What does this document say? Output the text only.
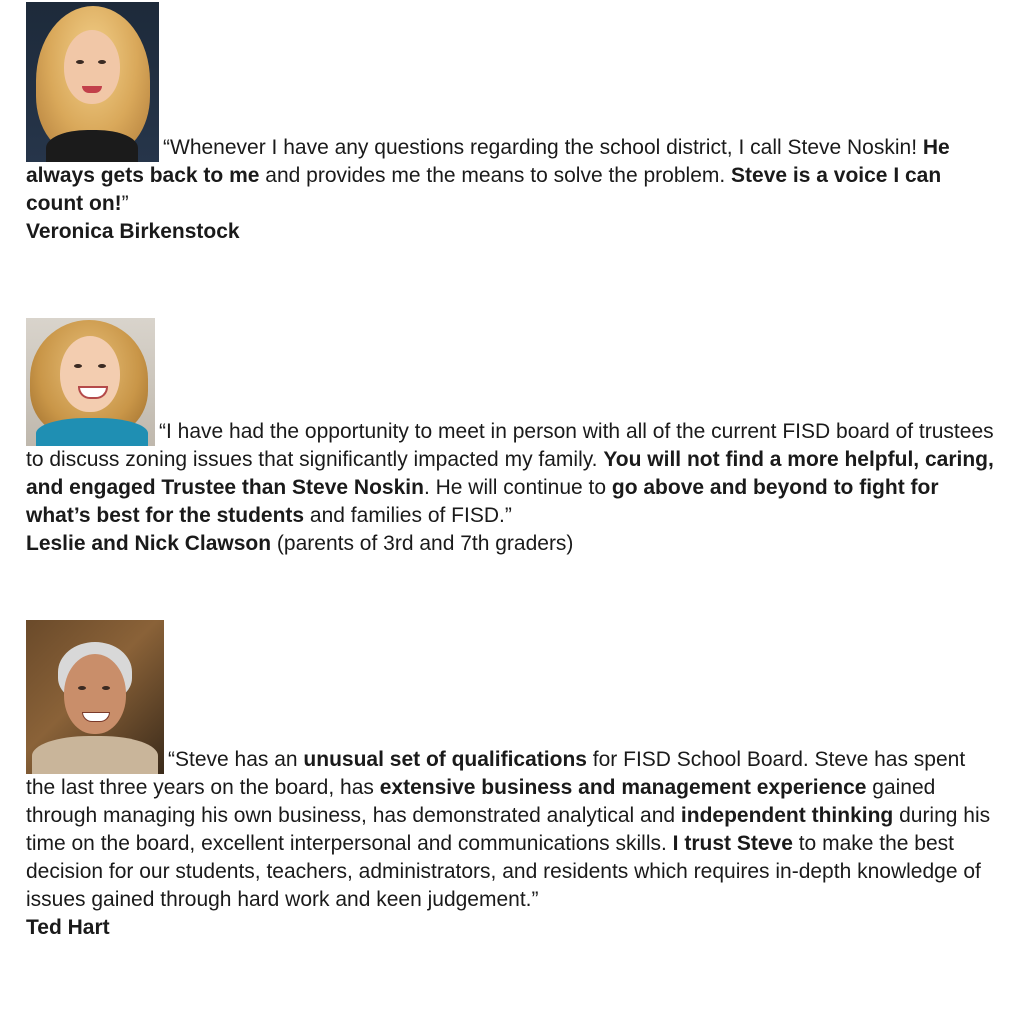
“Whenever I have any questions regarding the school district, I call Steve Noskin! He always gets back to me and provides me the means to solve the problem. Steve is a voice I can count on!”

Veronica Birkenstock

“I have had the opportunity to meet in person with all of the current FISD board of trustees to discuss zoning issues that significantly impacted my family. You will not find a more helpful, caring, and engaged Trustee than Steve Noskin. He will continue to go above and beyond to fight for what’s best for the students and families of FISD.”

Leslie and Nick Clawson (parents of 3rd and 7th graders)

“Steve has an unusual set of qualifications for FISD School Board. Steve has spent the last three years on the board, has extensive business and management experience gained through managing his own business, has demonstrated analytical and independent thinking during his time on the board, excellent interpersonal and communications skills. I trust Steve to make the best decision for our students, teachers, administrators, and residents which requires in-depth knowledge of issues gained through hard work and keen judgement.”

Ted Hart
